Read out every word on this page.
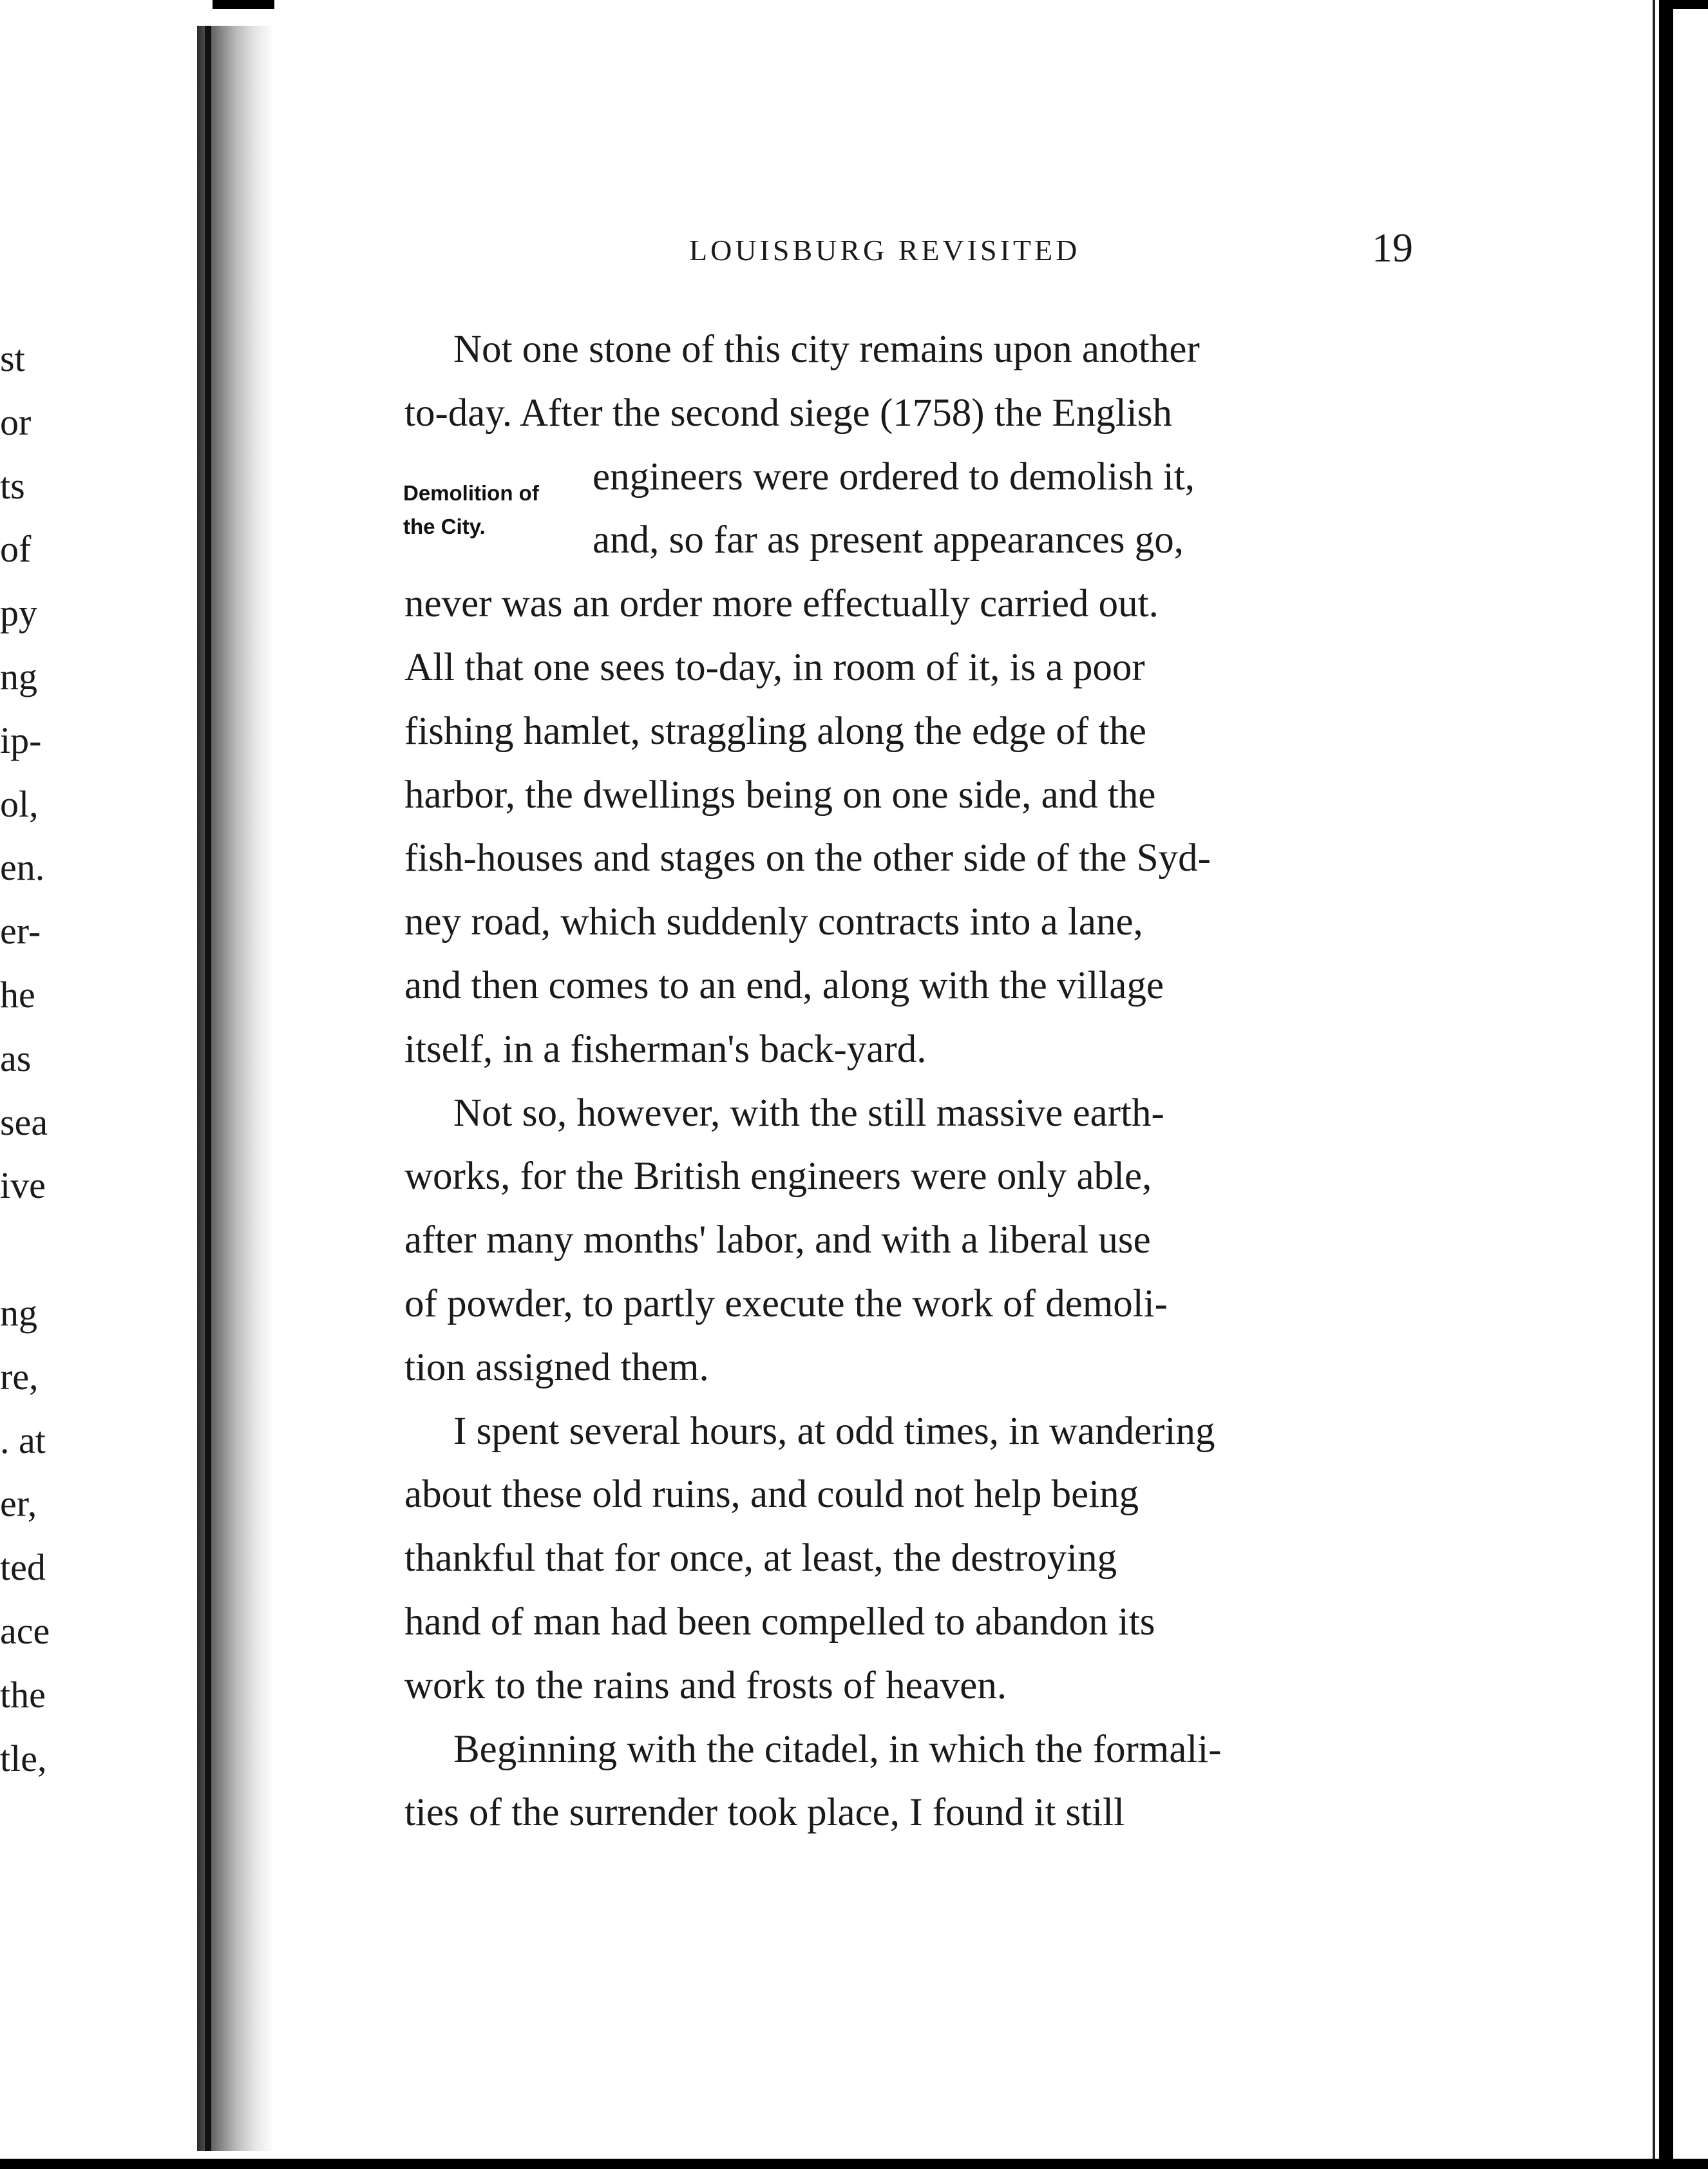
st
or
ts
of
py
ng
ip-
ol,
en.
er-
he
as
sea
ive
ng
re,
. at
er,
ted
ace
the
tle,
LOUISBURG REVISITED	19
Demolition of
the City.

Not one stone of this city remains upon another
to-day. After the second siege (1758) the English
engineers were ordered to demolish it,
and, so far as present appearances go,
never was an order more effectually carried out.
All that one sees to-day, in room of it, is a poor
fishing hamlet, straggling along the edge of the
harbor, the dwellings being on one side, and the
fish-houses and stages on the other side of the Syd-
ney road, which suddenly contracts into a lane,
and then comes to an end, along with the village
itself, in a fisherman's back-yard.

Not so, however, with the still massive earth-
works, for the British engineers were only able,
after many months' labor, and with a liberal use
of powder, to partly execute the work of demoli-
tion assigned them.

I spent several hours, at odd times, in wandering
about these old ruins, and could not help being
thankful that for once, at least, the destroying
hand of man had been compelled to abandon its
work to the rains and frosts of heaven.

Beginning with the citadel, in which the formali-
ties of the surrender took place, I found it still
